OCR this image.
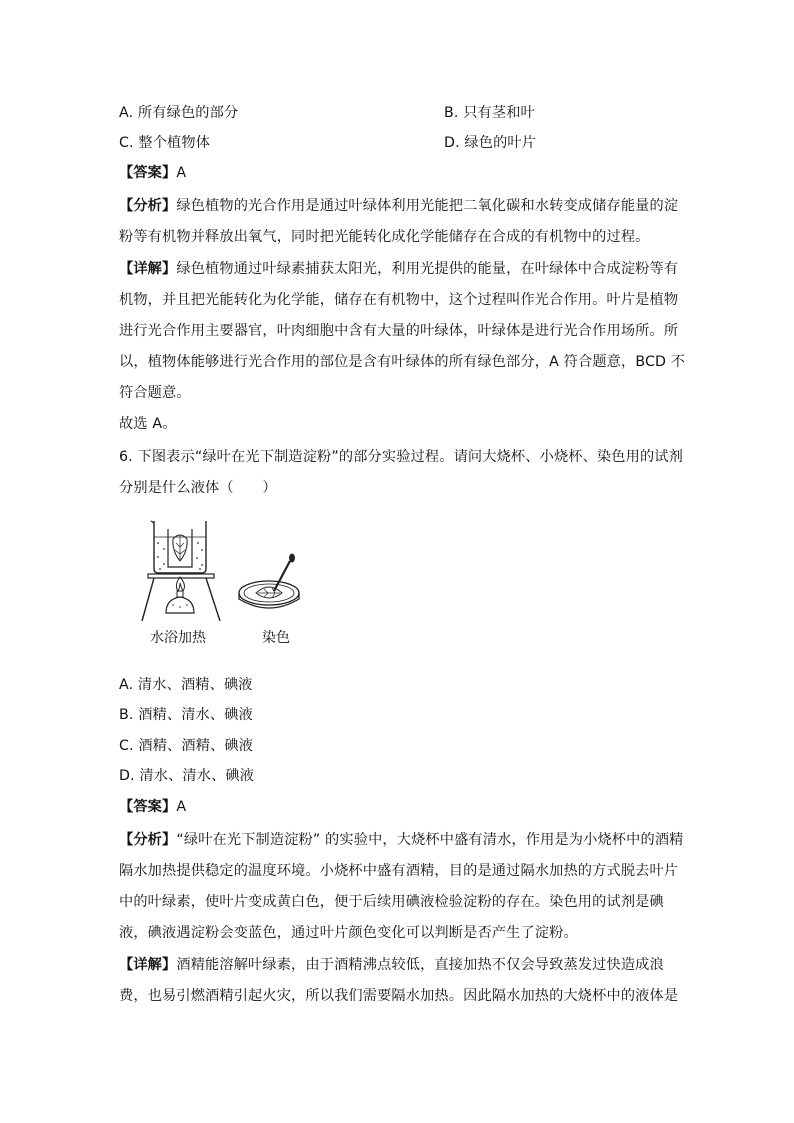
A. 所有绿色的部分	B. 只有茎和叶
C. 整个植物体	D. 绿色的叶片
【答案】A
【分析】绿色植物的光合作用是通过叶绿体利用光能把二氧化碳和水转变成储存能量的淀
粉等有机物并释放出氧气，同时把光能转化成化学能储存在合成的有机物中的过程。
【详解】绿色植物通过叶绿素捕获太阳光，利用光提供的能量，在叶绿体中合成淀粉等有
机物，并且把光能转化为化学能，储存在有机物中，这个过程叫作光合作用。叶片是植物
进行光合作用主要器官，叶肉细胞中含有大量的叶绿体，叶绿体是进行光合作用场所。所
以，植物体能够进行光合作用的部位是含有叶绿体的所有绿色部分，A 符合题意，BCD 不
符合题意。
故选 A。
6. 下图表示“绿叶在光下制造淀粉”的部分实验过程。请问大烧杯、小烧杯、染色用的试剂
分别是什么液体（　　）
水浴加热	染色
A. 清水、酒精、碘液
B. 酒精、清水、碘液
C. 酒精、酒精、碘液
D. 清水、清水、碘液
【答案】A
【分析】“绿叶在光下制造淀粉” 的实验中，大烧杯中盛有清水，作用是为小烧杯中的酒精
隔水加热提供稳定的温度环境。小烧杯中盛有酒精，目的是通过隔水加热的方式脱去叶片
中的叶绿素，使叶片变成黄白色，便于后续用碘液检验淀粉的存在。染色用的试剂是碘
液，碘液遇淀粉会变蓝色，通过叶片颜色变化可以判断是否产生了淀粉。
【详解】酒精能溶解叶绿素，由于酒精沸点较低，直接加热不仅会导致蒸发过快造成浪
费，也易引燃酒精引起火灾，所以我们需要隔水加热。因此隔水加热的大烧杯中的液体是
